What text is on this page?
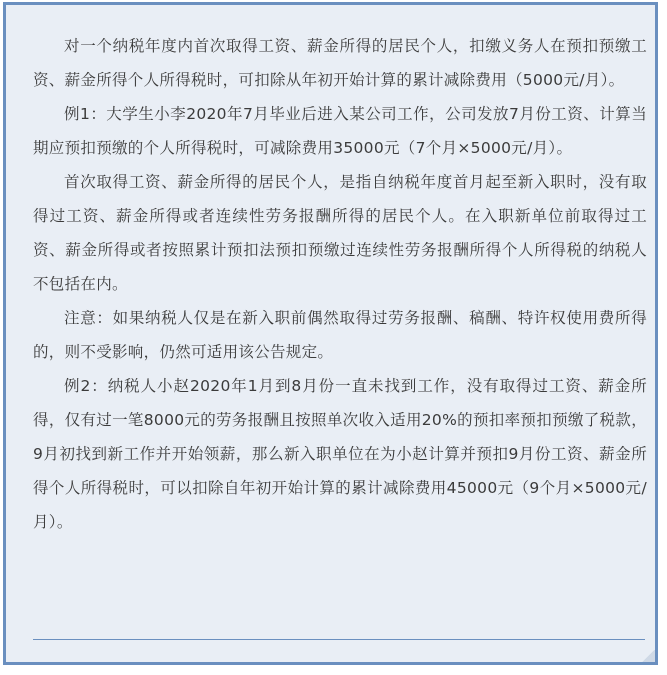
对一个纳税年度内首次取得工资、薪金所得的居民个人，扣缴义务人在预扣预缴工资、薪金所得个人所得税时，可扣除从年初开始计算的累计减除费用（5000元/月）。

例1：大学生小李2020年7月毕业后进入某公司工作，公司发放7月份工资、计算当期应预扣预缴的个人所得税时，可减除费用35000元（7个月×5000元/月）。

首次取得工资、薪金所得的居民个人，是指自纳税年度首月起至新入职时，没有取得过工资、薪金所得或者连续性劳务报酬所得的居民个人。在入职新单位前取得过工资、薪金所得或者按照累计预扣法预扣预缴过连续性劳务报酬所得个人所得税的纳税人不包括在内。

注意：如果纳税人仅是在新入职前偶然取得过劳务报酬、稿酬、特许权使用费所得的，则不受影响，仍然可适用该公告规定。

例2：纳税人小赵2020年1月到8月份一直未找到工作，没有取得过工资、薪金所得，仅有过一笔8000元的劳务报酬且按照单次收入适用20%的预扣率预扣预缴了税款，9月初找到新工作并开始领薪，那么新入职单位在为小赵计算并预扣9月份工资、薪金所得个人所得税时，可以扣除自年初开始计算的累计减除费用45000元（9个月×5000元/月）。
